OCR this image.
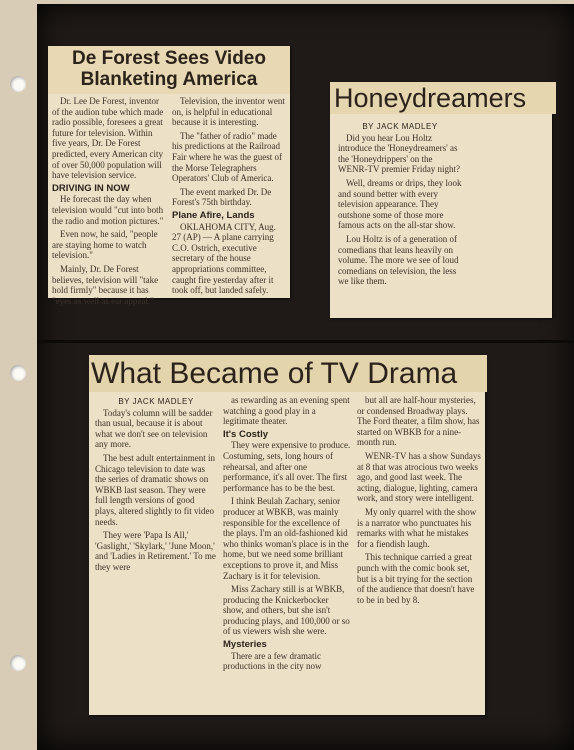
De Forest Sees Video Blanketing America

Dr. Lee De Forest, inventor of the audion tube which made radio possible, foresees a great future for television. Within five years, Dr. De Forest predicted, every American city of over 50,000 population will have television service.

DRIVING IN NOW

He forecast the day when television would "cut into both the radio and motion pictures."

Even now, he said, "people are staying home to watch television."

Mainly, Dr. De Forest believes, television will "take hold firmly" because it has "eyes as well as ear appeal."

Television, the inventor went on, is helpful in educational because it is interesting.

The "father of radio" made his predictions at the Railroad Fair where he was the guest of the Morse Telegraphers Operators' Club of America.

The event marked Dr. De Forest's 75th birthday.

Plane Afire, Lands

OKLAHOMA CITY, Aug. 27 (AP) — A plane carrying C.O. Ostrich, executive secretary of the house appropriations committee, caught fire yesterday after it took off, but landed safely.

Honeydreamers
BY JACK MADLEY

Did you hear Lou Holtz introduce the 'Honeydreamers' as the 'Honeydrippers' on the WENR-TV premier Friday night?

Well, dreams or drips, they look and sound better with every television appearance. They outshone some of those more famous acts on the all-star show.

Lou Holtz is of a generation of comedians that leans heavily on volume. The more we see of loud comedians on television, the less we like them.

What Became of TV Drama
BY JACK MADLEY

Today's column will be sadder than usual, because it is about what we don't see on television any more.

The best adult entertainment in Chicago television to date was the series of dramatic shows on WBKB last season. They were full length versions of good plays, altered slightly to fit video needs.

They were 'Papa Is All,' 'Gaslight,' 'Skylark,' 'June Moon,' and 'Ladies in Retirement.' To me they were

as rewarding as an evening spent watching a good play in a legitimate theater.

It's Costly

They were expensive to produce. Costuming, sets, long hours of rehearsal, and after one performance, it's all over. The first performance has to be the best.

I think Beulah Zachary, senior producer at WBKB, was mainly responsible for the excellence of the plays. I'm an old-fashioned kid who thinks woman's place is in the home, but we need some brilliant exceptions to prove it, and Miss Zachary is it for television.

Miss Zachary still is at WBKB, producing the Knickerbocker show, and others, but she isn't producing plays, and 100,000 or so of us viewers wish she were.

Mysteries

There are a few dramatic productions in the city now

but all are half-hour mysteries, or condensed Broadway plays. The Ford theater, a film show, has started on WBKB for a nine-month run.

WENR-TV has a show Sundays at 8 that was atrocious two weeks ago, and good last week. The acting, dialogue, lighting, camera work, and story were intelligent.

My only quarrel with the show is a narrator who punctuates his remarks with what he mistakes for a fiendish laugh.

This technique carried a great punch with the comic book set, but is a bit trying for the section of the audience that doesn't have to be in bed by 8.
